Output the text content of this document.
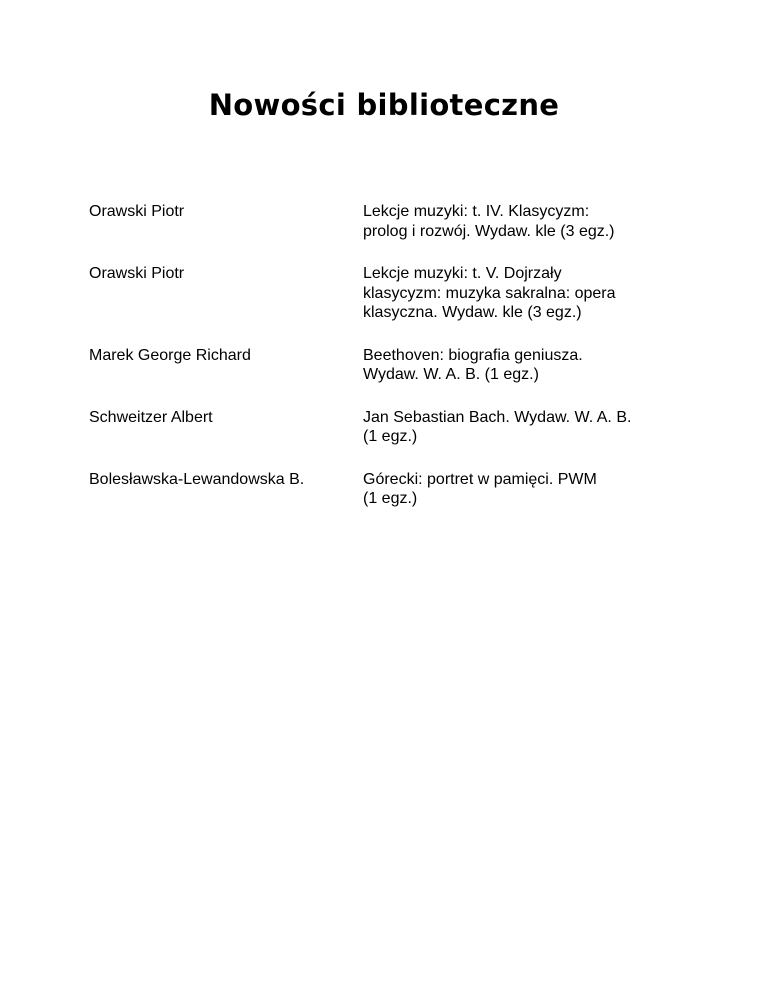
Nowości biblioteczne
Orawski Piotr	Lekcje muzyki: t. IV. Klasycyzm:
prolog i rozwój. Wydaw. kle (3 egz.)
Orawski Piotr	Lekcje muzyki: t. V. Dojrzały
klasycyzm: muzyka sakralna: opera
klasyczna. Wydaw. kle (3 egz.)
Marek George Richard	Beethoven: biografia geniusza.
Wydaw. W. A. B. (1 egz.)
Schweitzer Albert	Jan Sebastian Bach. Wydaw. W. A. B.
(1 egz.)
Bolesławska-Lewandowska B.	Górecki: portret w pamięci. PWM
(1 egz.)
